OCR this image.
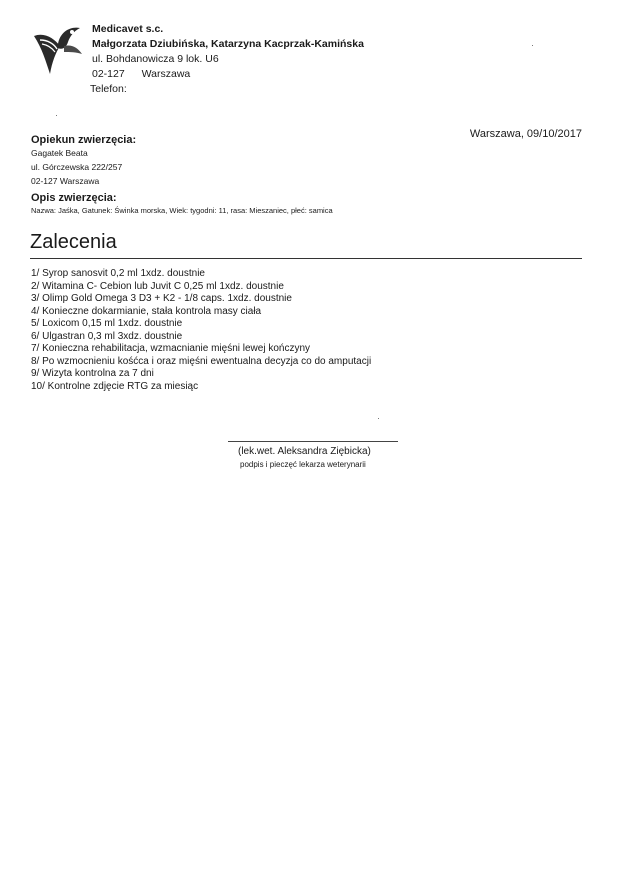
Medicavet s.c.
Małgorzata Dziubińska, Katarzyna Kacprzak-Kamińska
ul. Bohdanowicza 9 lok. U6
02-127 Warszawa
Telefon:
Warszawa, 09/10/2017
Opiekun zwierzęcia:
Gagatek Beata
ul. Górczewska 222/257
02-127 Warszawa
Opis zwierzęcia:
Nazwa: Jaśka, Gatunek: Świnka morska, Wiek: tygodni: 11, rasa: Mieszaniec, płeć: samica
Zalecenia
1/ Syrop sanosvit 0,2 ml 1xdz. doustnie
2/ Witamina C- Cebion lub Juvit C 0,25 ml 1xdz. doustnie
3/ Olimp Gold Omega 3 D3 + K2 - 1/8 caps. 1xdz. doustnie
4/ Konieczne dokarmianie, stała kontrola masy ciała
5/ Loxicom 0,15 ml 1xdz. doustnie
6/ Ulgastran 0,3 ml 3xdz. doustnie
7/ Konieczna rehabilitacja, wzmacnianie mięśni lewej kończyny
8/ Po wzmocnieniu kośćca i oraz mięśni ewentualna decyzja co do amputacji
9/ Wizyta kontrolna za 7 dni
10/ Kontrolne zdjęcie RTG za miesiąc
(lek.wet. Aleksandra Ziębicka)
podpis i pieczęć lekarza weterynarii
